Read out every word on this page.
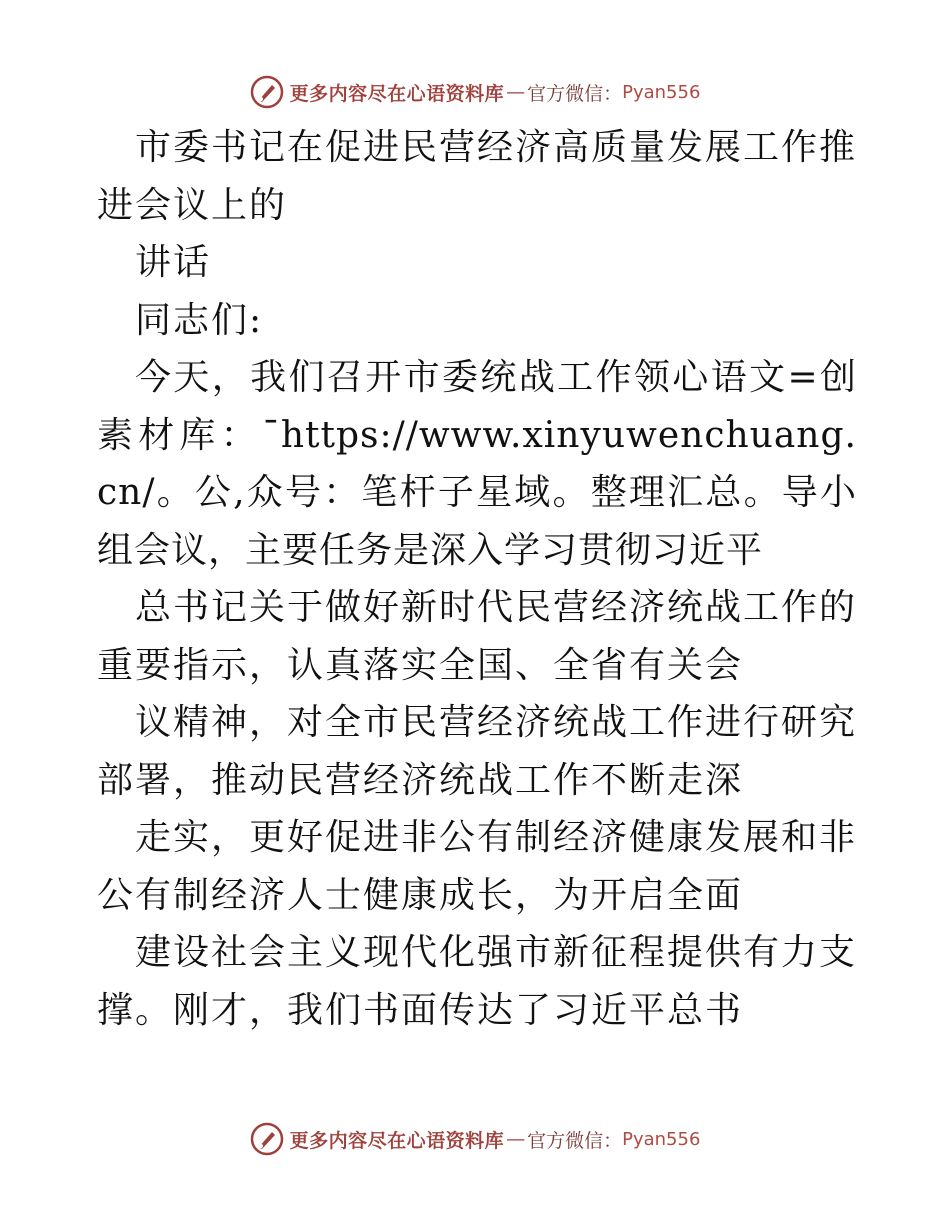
更多内容尽在心语资料库 — 官方微信： Pyan556

市委书记在促进民营经济高质量发展工作推进会议上的

讲话

同志们:

今天，我们召开市委统战工作领心语文=创素材库：¯https://www.xinyuwenchuang.cn/。公,众号：笔杆子星域。整理汇总。导小组会议，主要任务是深入学习贯彻习近平

总书记关于做好新时代民营经济统战工作的重要指示，认真落实全国、全省有关会

议精神，对全市民营经济统战工作进行研究部署，推动民营经济统战工作不断走深

走实，更好促进非公有制经济健康发展和非公有制经济人士健康成长，为开启全面

建设社会主义现代化强市新征程提供有力支撑。刚才，我们书面传达了习近平总书

更多内容尽在心语资料库 — 官方微信： Pyan556
